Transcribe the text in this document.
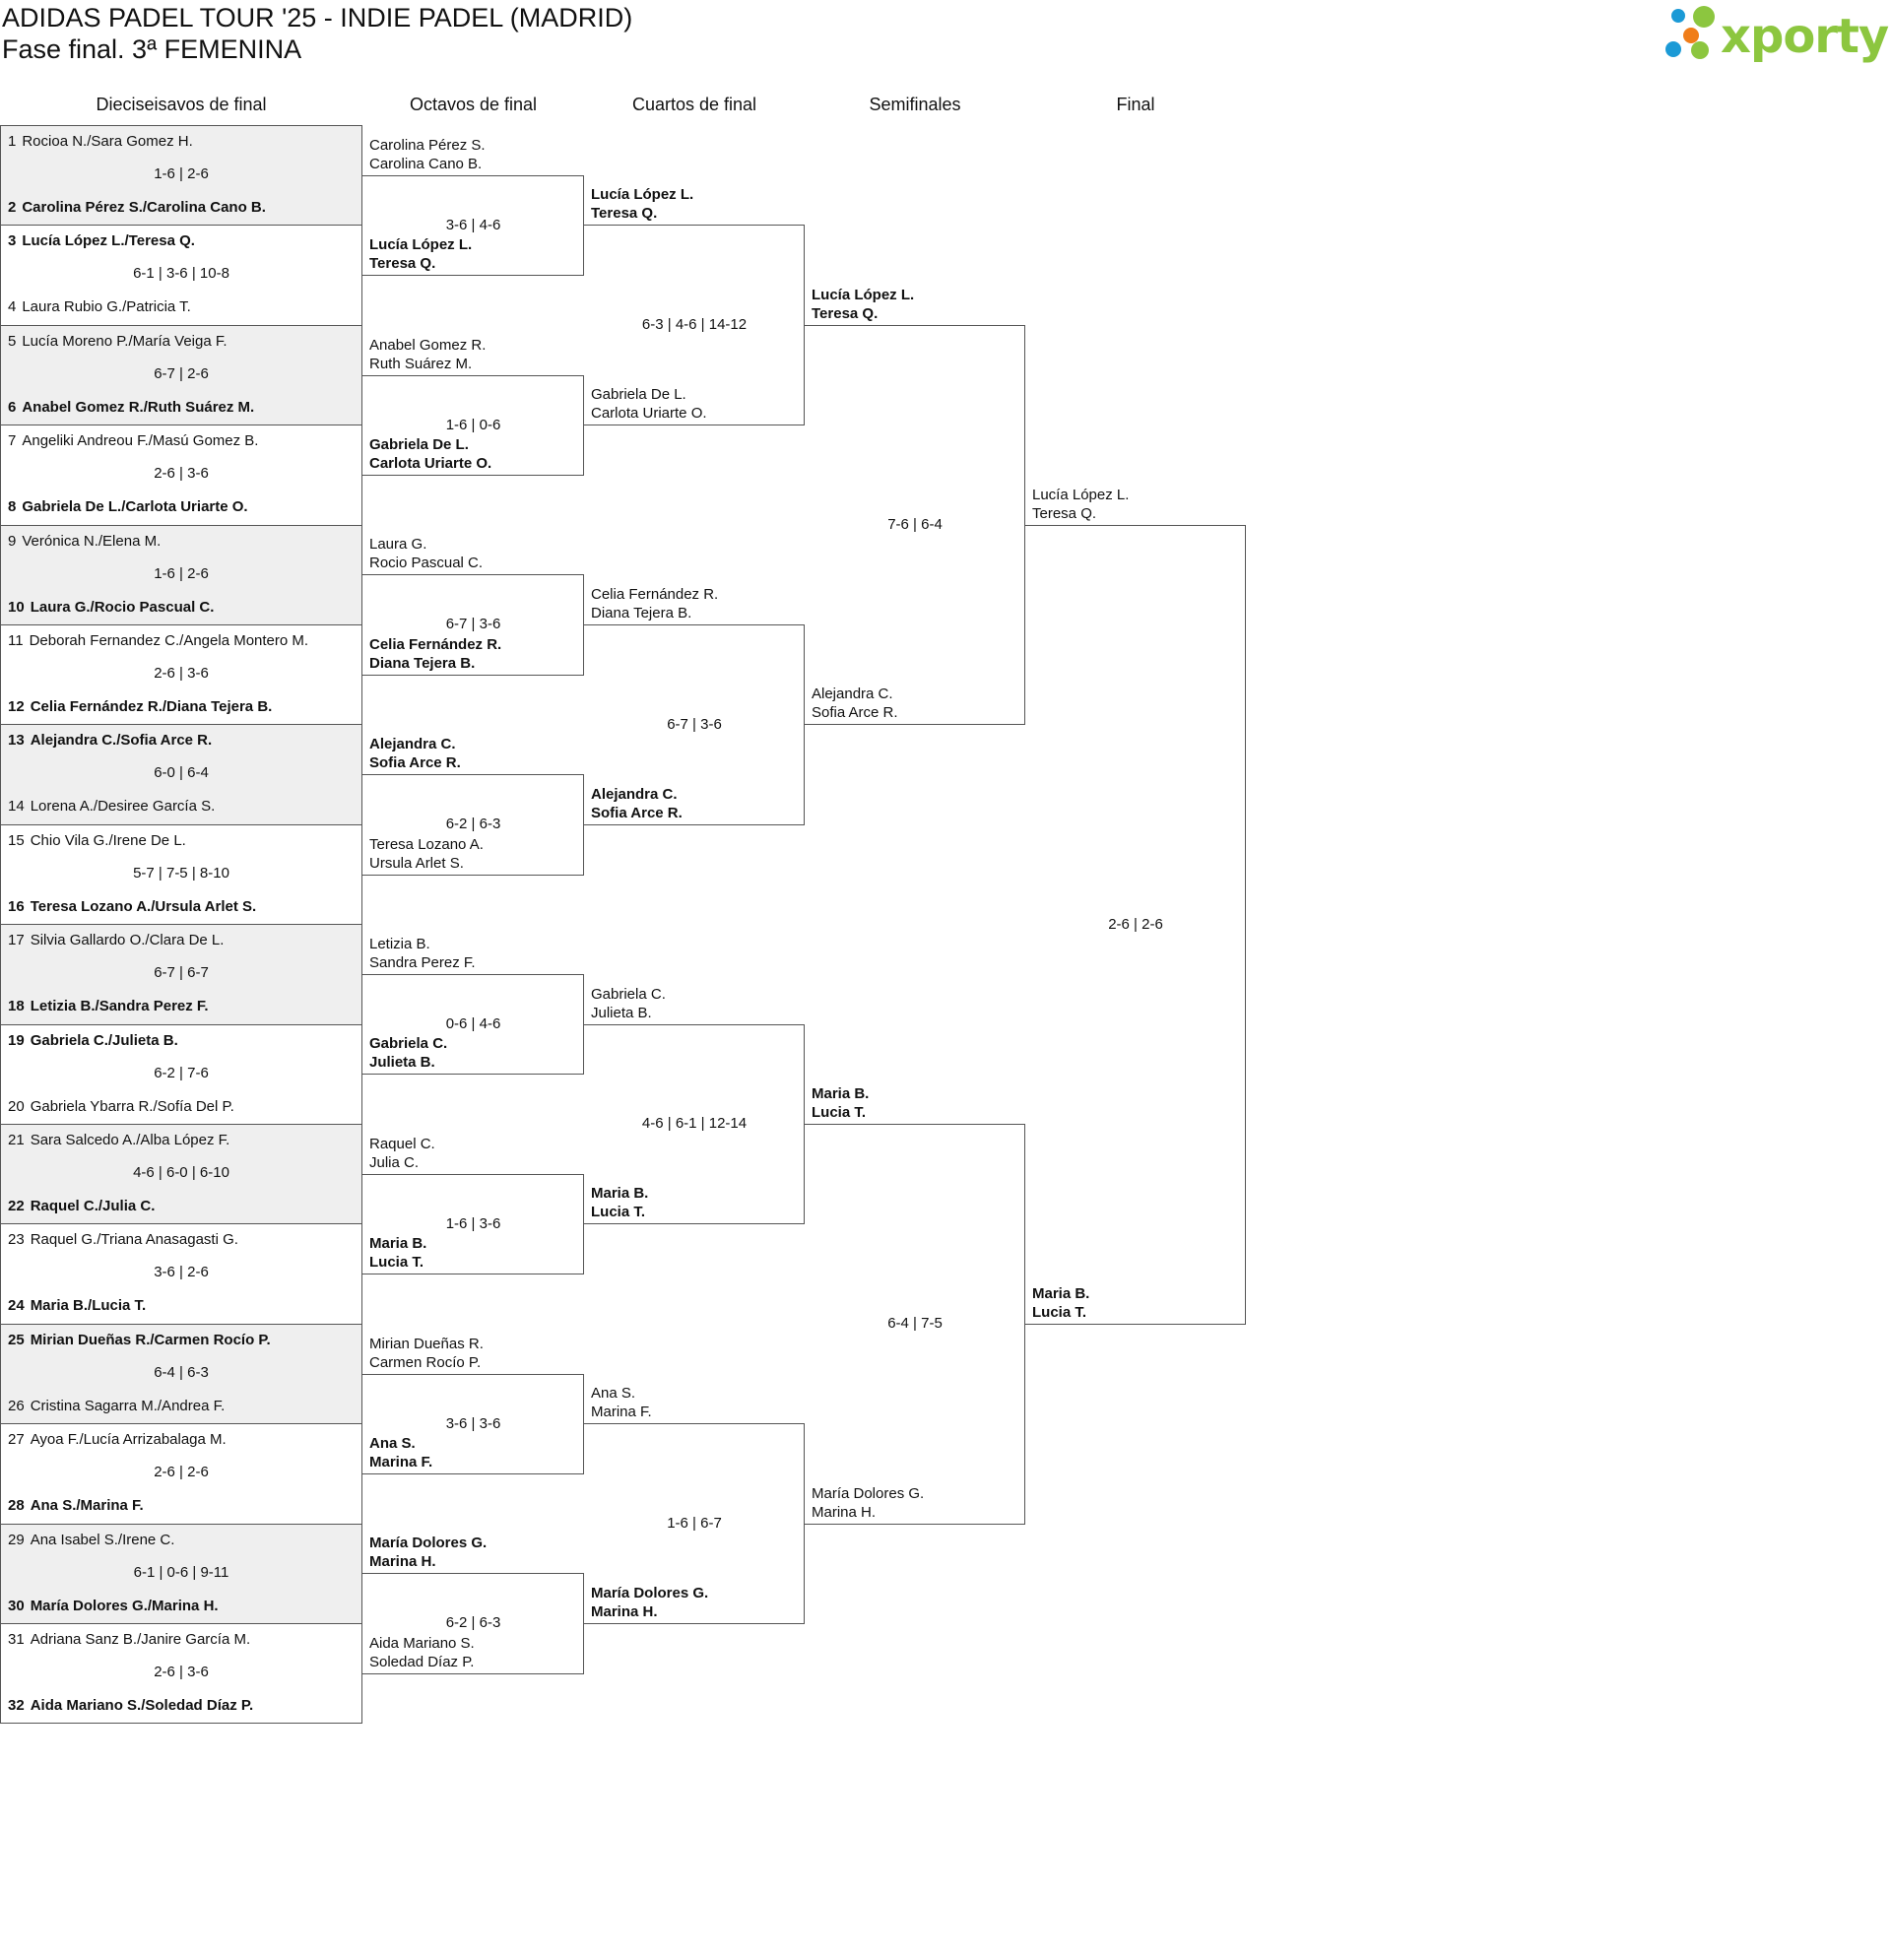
ADIDAS PADEL TOUR '25 - INDIE PADEL (MADRID)
Fase final. 3ª FEMENINA	xporty
Dieciseisavos de final	Octavos de final	Cuartos de final	Semifinales	Final
1 Rocioa N./Sara Gomez H.
1-6 | 2-6
2 Carolina Pérez S./Carolina Cano B.
3 Lucía López L./Teresa Q.
6-1 | 3-6 | 10-8
4 Laura Rubio G./Patricia T.
5 Lucía Moreno P./María Veiga F.
6-7 | 2-6
6 Anabel Gomez R./Ruth Suárez M.
7 Angeliki Andreou F./Masú Gomez B.
2-6 | 3-6
8 Gabriela De L./Carlota Uriarte O.
9 Verónica N./Elena M.
1-6 | 2-6
10 Laura G./Rocio Pascual C.
11 Deborah Fernandez C./Angela Montero M.
2-6 | 3-6
12 Celia Fernández R./Diana Tejera B.
13 Alejandra C./Sofia Arce R.
6-0 | 6-4
14 Lorena A./Desiree García S.
15 Chio Vila G./Irene De L.
5-7 | 7-5 | 8-10
16 Teresa Lozano A./Ursula Arlet S.
17 Silvia Gallardo O./Clara De L.
6-7 | 6-7
18 Letizia B./Sandra Perez F.
19 Gabriela C./Julieta B.
6-2 | 7-6
20 Gabriela Ybarra R./Sofía Del P.
21 Sara Salcedo A./Alba López F.
4-6 | 6-0 | 6-10
22 Raquel C./Julia C.
23 Raquel G./Triana Anasagasti G.
3-6 | 2-6
24 Maria B./Lucia T.
25 Mirian Dueñas R./Carmen Rocío P.
6-4 | 6-3
26 Cristina Sagarra M./Andrea F.
27 Ayoa F./Lucía Arrizabalaga M.
2-6 | 2-6
28 Ana S./Marina F.
29 Ana Isabel S./Irene C.
6-1 | 0-6 | 9-11
30 María Dolores G./Marina H.
31 Adriana Sanz B./Janire García M.
2-6 | 3-6
32 Aida Mariano S./Soledad Díaz P.
Carolina Pérez S.
Carolina Cano B.
Lucía López L.
Teresa Q.
3-6 | 4-6
Anabel Gomez R.
Ruth Suárez M.
Gabriela De L.
Carlota Uriarte O.
1-6 | 0-6
Laura G.
Rocio Pascual C.
Celia Fernández R.
Diana Tejera B.
6-7 | 3-6
Alejandra C.
Sofia Arce R.
Teresa Lozano A.
Ursula Arlet S.
6-2 | 6-3
Letizia B.
Sandra Perez F.
Gabriela C.
Julieta B.
0-6 | 4-6
Raquel C.
Julia C.
Maria B.
Lucia T.
1-6 | 3-6
Mirian Dueñas R.
Carmen Rocío P.
Ana S.
Marina F.
3-6 | 3-6
María Dolores G.
Marina H.
Aida Mariano S.
Soledad Díaz P.
6-2 | 6-3
Lucía López L.
Teresa Q.
Gabriela De L.
Carlota Uriarte O.
6-3 | 4-6 | 14-12
Celia Fernández R.
Diana Tejera B.
Alejandra C.
Sofia Arce R.
6-7 | 3-6
Gabriela C.
Julieta B.
Maria B.
Lucia T.
4-6 | 6-1 | 12-14
Ana S.
Marina F.
María Dolores G.
Marina H.
1-6 | 6-7
Lucía López L.
Teresa Q.
Alejandra C.
Sofia Arce R.
7-6 | 6-4
Maria B.
Lucia T.
María Dolores G.
Marina H.
6-4 | 7-5
Lucía López L.
Teresa Q.
Maria B.
Lucia T.
2-6 | 2-6
